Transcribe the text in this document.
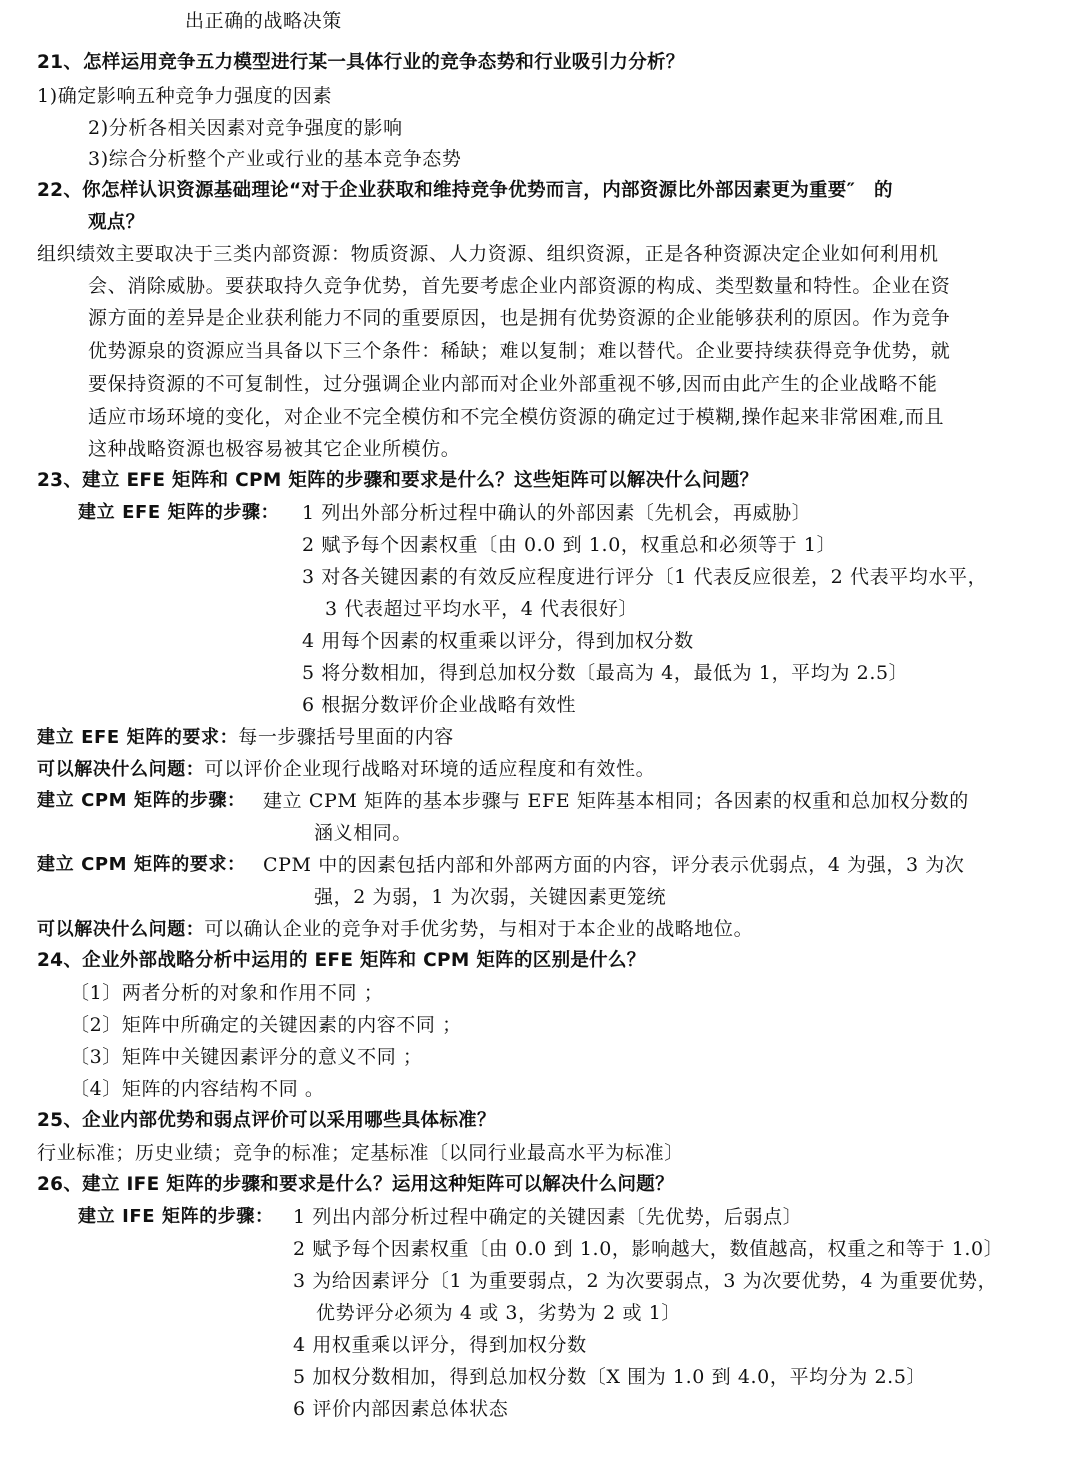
出正确的战略决策
21、怎样运用竞争五力模型进行某一具体行业的竞争态势和行业吸引力分析？
1)确定影响五种竞争力强度的因素
2)分析各相关因素对竞争强度的影响
3)综合分析整个产业或行业的基本竞争态势
22、你怎样认识资源基础理论“对于企业获取和维持竞争优势而言，内部资源比外部因素更为重要″　的
观点？
组织绩效主要取决于三类内部资源：物质资源、人力资源、组织资源，正是各种资源决定企业如何利用机
会、消除威胁。要获取持久竞争优势，首先要考虑企业内部资源的构成、类型数量和特性。企业在资
源方面的差异是企业获利能力不同的重要原因，也是拥有优势资源的企业能够获利的原因。作为竞争
优势源泉的资源应当具备以下三个条件：稀缺；难以复制；难以替代。企业要持续获得竞争优势，就
要保持资源的不可复制性，过分强调企业内部而对企业外部重视不够,因而由此产生的企业战略不能
适应市场环境的变化，对企业不完全模仿和不完全模仿资源的确定过于模糊,操作起来非常困难,而且
这种战略资源也极容易被其它企业所模仿。
23、建立 EFE 矩阵和 CPM 矩阵的步骤和要求是什么？这些矩阵可以解决什么问题？
建立 EFE 矩阵的步骤： 1 列出外部分析过程中确认的外部因素〔先机会，再威胁〕
2 赋予每个因素权重〔由 0.0 到 1.0，权重总和必须等于 1〕
3 对各关键因素的有效反应程度进行评分〔1 代表反应很差，2 代表平均水平，
3 代表超过平均水平，4 代表很好〕
4 用每个因素的权重乘以评分，得到加权分数
5 将分数相加，得到总加权分数〔最高为 4，最低为 1，平均为 2.5〕
6 根据分数评价企业战略有效性
建立 EFE 矩阵的要求：每一步骤括号里面的内容
可以解决什么问题：可以评价企业现行战略对环境的适应程度和有效性。
建立 CPM 矩阵的步骤： 建立 CPM 矩阵的基本步骤与 EFE 矩阵基本相同；各因素的权重和总加权分数的
涵义相同。
建立 CPM 矩阵的要求： CPM 中的因素包括内部和外部两方面的内容，评分表示优弱点，4 为强，3 为次
强，2 为弱，1 为次弱，关键因素更笼统
可以解决什么问题：可以确认企业的竞争对手优劣势，与相对于本企业的战略地位。
24、企业外部战略分析中运用的 EFE 矩阵和 CPM 矩阵的区别是什么？
〔1〕两者分析的对象和作用不同 ；
〔2〕矩阵中所确定的关键因素的内容不同 ；
〔3〕矩阵中关键因素评分的意义不同 ；
〔4〕矩阵的内容结构不同 。
25、企业内部优势和弱点评价可以采用哪些具体标准？
行业标准；历史业绩；竞争的标准；定基标准〔以同行业最高水平为标准〕
26、建立 IFE 矩阵的步骤和要求是什么？运用这种矩阵可以解决什么问题？
建立 IFE 矩阵的步骤： 1 列出内部分析过程中确定的关键因素〔先优势，后弱点〕
2 赋予每个因素权重〔由 0.0 到 1.0，影响越大，数值越高，权重之和等于 1.0〕
3 为给因素评分〔1 为重要弱点，2 为次要弱点，3 为次要优势，4 为重要优势，
优势评分必须为 4 或 3，劣势为 2 或 1〕
4 用权重乘以评分，得到加权分数
5 加权分数相加，得到总加权分数〔X 围为 1.0 到 4.0，平均分为 2.5〕
6 评价内部因素总体状态
